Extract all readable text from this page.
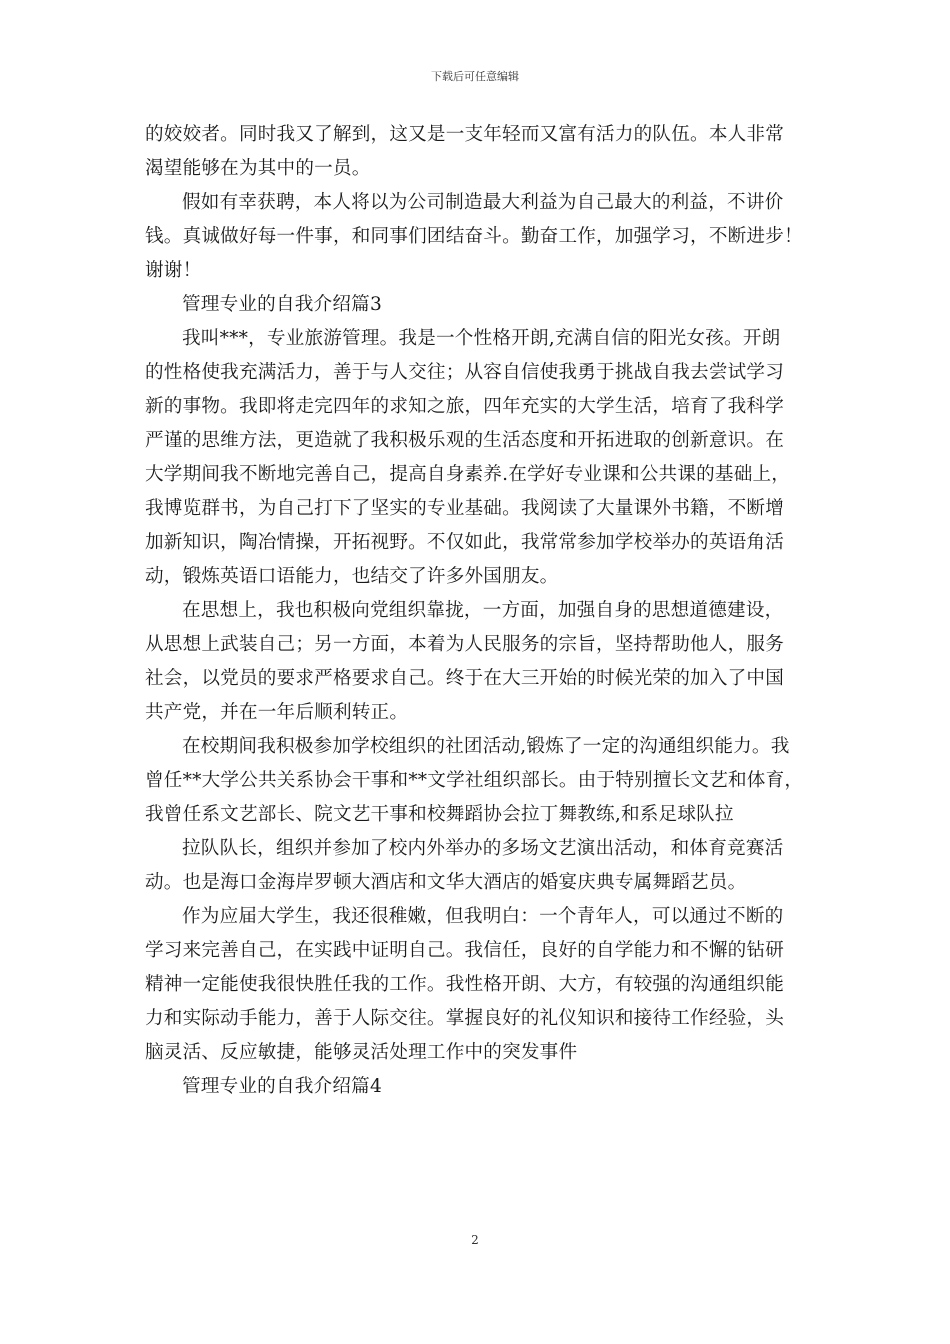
下载后可任意编辑
的姣姣者。同时我又了解到，这又是一支年轻而又富有活力的队伍。本人非常
渴望能够在为其中的一员。
假如有幸获聘，本人将以为公司制造最大利益为自己最大的利益，不讲价
钱。真诚做好每一件事，和同事们团结奋斗。勤奋工作，加强学习，不断进步！
谢谢！
管理专业的自我介绍篇3
我叫***，专业旅游管理。我是一个性格开朗,充满自信的阳光女孩。开朗
的性格使我充满活力，善于与人交往；从容自信使我勇于挑战自我去尝试学习
新的事物。我即将走完四年的求知之旅，四年充实的大学生活，培育了我科学
严谨的思维方法，更造就了我积极乐观的生活态度和开拓进取的创新意识。在
大学期间我不断地完善自己，提高自身素养.在学好专业课和公共课的基础上，
我博览群书，为自己打下了坚实的专业基础。我阅读了大量课外书籍，不断增
加新知识，陶冶情操，开拓视野。不仅如此，我常常参加学校举办的英语角活
动，锻炼英语口语能力，也结交了许多外国朋友。
在思想上，我也积极向党组织靠拢，一方面，加强自身的思想道德建设，
从思想上武装自己；另一方面，本着为人民服务的宗旨，坚持帮助他人，服务
社会，以党员的要求严格要求自己。终于在大三开始的时候光荣的加入了中国
共产党，并在一年后顺利转正。
在校期间我积极参加学校组织的社团活动,锻炼了一定的沟通组织能力。我
曾任**大学公共关系协会干事和**文学社组织部长。由于特别擅长文艺和体育，
我曾任系文艺部长、院文艺干事和校舞蹈协会拉丁舞教练,和系足球队拉
拉队队长，组织并参加了校内外举办的多场文艺演出活动，和体育竞赛活
动。也是海口金海岸罗顿大酒店和文华大酒店的婚宴庆典专属舞蹈艺员。
作为应届大学生，我还很稚嫩，但我明白：一个青年人，可以通过不断的
学习来完善自己，在实践中证明自己。我信任，良好的自学能力和不懈的钻研
精神一定能使我很快胜任我的工作。我性格开朗、大方，有较强的沟通组织能
力和实际动手能力，善于人际交往。掌握良好的礼仪知识和接待工作经验，头
脑灵活、反应敏捷，能够灵活处理工作中的突发事件
管理专业的自我介绍篇4
2
